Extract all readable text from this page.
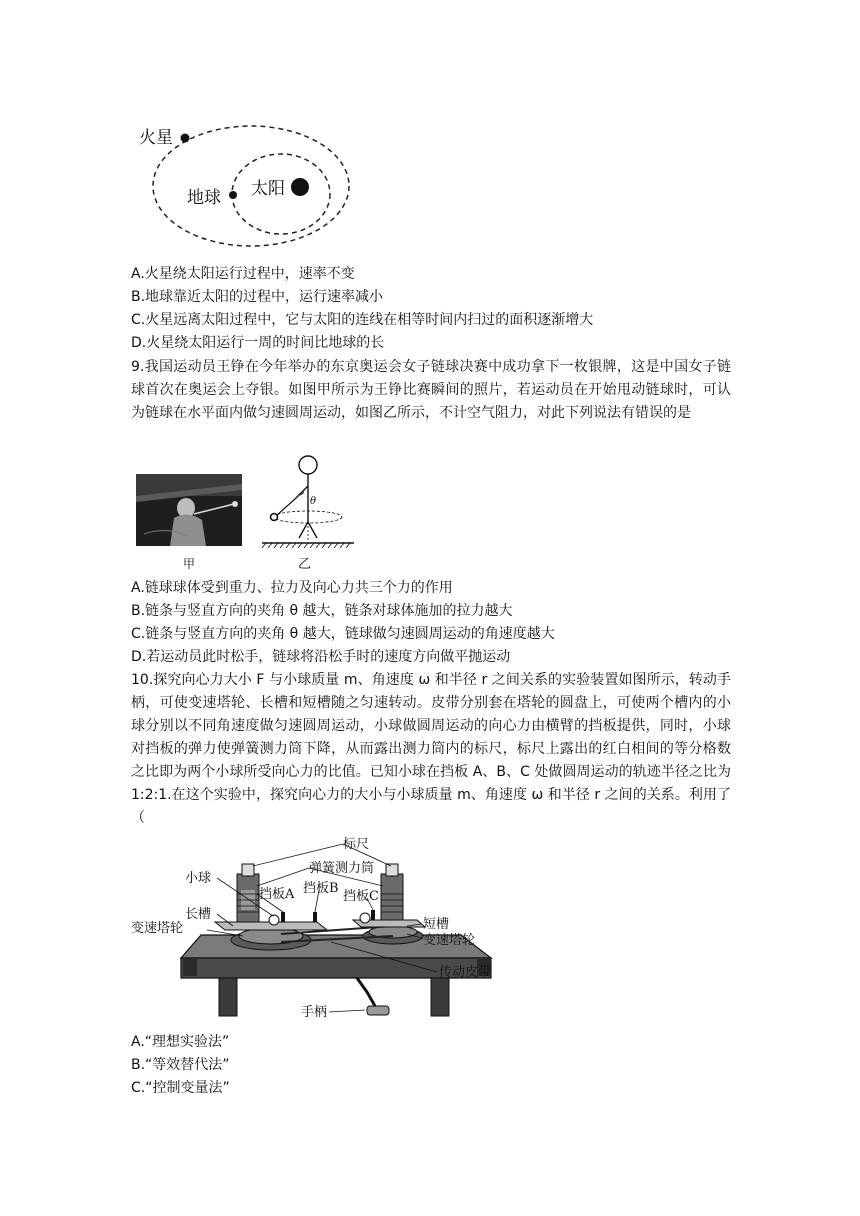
火星
地球 太阳

A.火星绕太阳运行过程中，速率不变

B.地球靠近太阳的过程中，运行速率减小

C.火星远离太阳过程中，它与太阳的连线在相等时间内扫过的面积逐渐增大

D.火星绕太阳运行一周的时间比地球的长

9.我国运动员王铮在今年举办的东京奥运会女子链球决赛中成功拿下一枚银牌，这是中国女子链球首次在奥运会上夺银。如图甲所示为王铮比赛瞬间的照片，若运动员在开始甩动链球时，可认为链球在水平面内做匀速圆周运动，如图乙所示，不计空气阻力，对此下列说法有错误的是

甲
θ
乙

A.链球球体受到重力、拉力及向心力共三个力的作用

B.链条与竖直方向的夹角 θ 越大，链条对球体施加的拉力越大

C.链条与竖直方向的夹角 θ 越大，链球做匀速圆周运动的角速度越大

D.若运动员此时松手，链球将沿松手时的速度方向做平抛运动

10.探究向心力大小 F 与小球质量 m、角速度 ω 和半径 r 之间关系的实验装置如图所示，转动手柄，可使变速塔轮、长槽和短槽随之匀速转动。皮带分别套在塔轮的圆盘上，可使两个槽内的小球分别以不同角速度做匀速圆周运动，小球做圆周运动的向心力由横臂的挡板提供，同时，小球对挡板的弹力使弹簧测力筒下降，从而露出测力筒内的标尺，标尺上露出的红白相间的等分格数之比即为两个小球所受向心力的比值。已知小球在挡板 A、B、C 处做圆周运动的轨迹半径之比为 1:2:1.在这个实验中，探究向心力的大小与小球质量 m、角速度 ω 和半径 r 之间的关系。利用了（

标尺
弹簧测力筒
小球
挡板A 挡板B
挡板C
长槽
变速塔轮	短槽
变速塔轮
传动皮带
手柄

A.“理想实验法”

B.“等效替代法”

C.“控制变量法”
